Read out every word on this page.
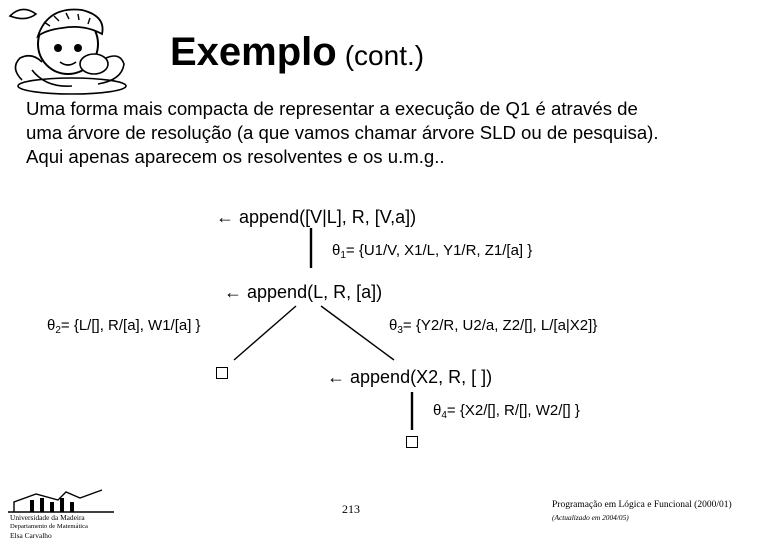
Exemplo (cont.)
Uma forma mais compacta de representar a execução de Q1 é através de
uma árvore de resolução (a que vamos chamar árvore SLD ou de pesquisa).
Aqui apenas aparecem os resolventes e os u.m.g..
← append([V|L], R, [V,a])
$\theta_1= \{U1/V$, X1/L, Y1/R, Z1/[a] }
← append(L, R, [a])
$\theta_2= \{L/[]$, R/[a], W1/[a] }	$\theta_3= \{Y2/R$, U2/a, Z2/[], L/[a|X2]}
← append(X2, R, [ ])
$\theta_4= \{X2/[]$, R/[], W2/[] }
Universidade da Madeira
Departamento de Matemática
Elsa Carvalho
213	Programação em Lógica e Funcional (2000/01)
(Actualizado em 2004/05)
